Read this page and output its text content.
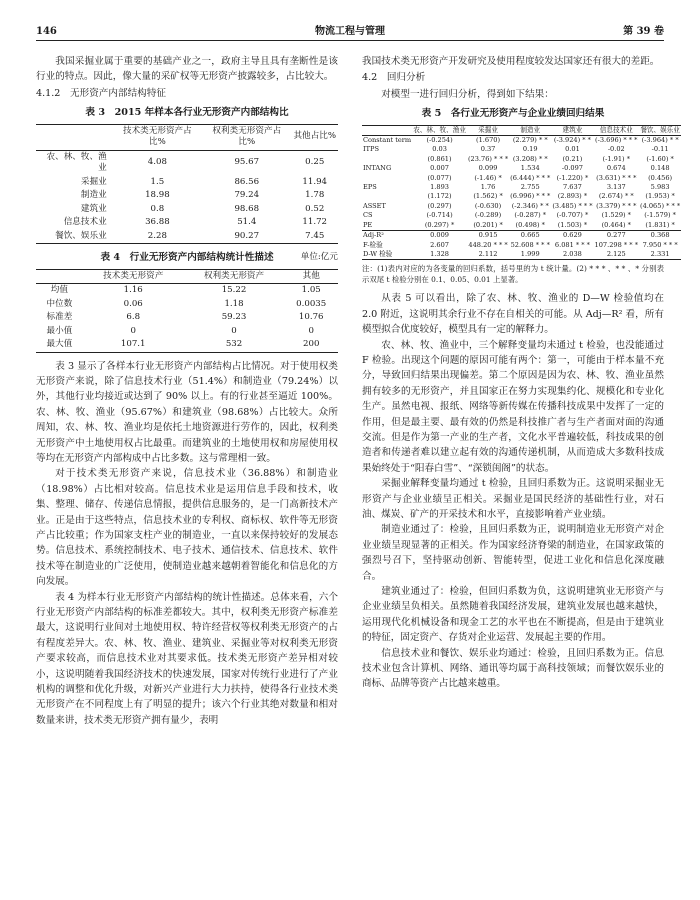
146	物流工程与管理	第 39 卷

我国采掘业属于重要的基础产业之一，政府主导且具有垄断性是该行业的特点。因此，像大量的采矿权等无形资产披露较多，占比较大。

4.1.2　无形资产内部结构特征

表 3　2015 年样本各行业无形资产内部结构比
	技术类无形资产占比%	权利类无形资产占比%	其他占比%
农、林、牧、渔业	4.08	95.67	0.25
采掘业	1.5	86.56	11.94
制造业	18.98	79.24	1.78
建筑业	0.8	98.68	0.52
信息技术业	36.88	51.4	11.72
餐饮、娱乐业	2.28	90.27	7.45
表 4　行业无形资产内部结构统计性描述	单位:亿元
	技术类无形资产	权利类无形资产	其他
均值	1.16	15.22	1.05
中位数	0.06	1.18	0.0035
标准差	6.8	59.23	10.76
最小值	0	0	0
最大值	107.1	532	200

表 3 显示了各样本行业无形资产内部结构占比情况。对于使用权类无形资产来说，除了信息技术行业（51.4%）和制造业（79.24%）以外，其他行业均接近或达到了 90% 以上。有的行业甚至逼近 100%。农、林、牧、渔业（95.67%）和建筑业（98.68%）占比较大。众所周知，农、林、牧、渔业均是依托土地资源进行劳作的，因此，权利类无形资产中土地使用权占比最重。而建筑业的土地使用权和房屋使用权等均在无形资产内部构成中占比多数。这与常理相一致。

对于技术类无形资产来说，信息技术业（36.88%）和制造业（18.98%）占比相对较高。信息技术业是运用信息手段和技术，收集、整理、储存、传递信息情报，提供信息服务的，是一门高新技术产业。正是由于这些特点，信息技术业的专利权、商标权、软件等无形资产占比较重；作为国家支柱产业的制造业，一直以来保持较好的发展态势。信息技术、系统控制技术、电子技术、通信技术、信息技术、软件技术等在制造业的广泛使用，使制造业越来越朝着智能化和信息化的方向发展。

表 4 为样本行业无形资产内部结构的统计性描述。总体来看，六个行业无形资产内部结构的标准差都较大。其中，权利类无形资产标准差最大，这说明行业间对土地使用权、特许经营权等权利类无形资产的占有程度差异大。农、林、牧、渔业、建筑业、采掘业等对权利类无形资产要求较高，而信息技术业对其要求低。技术类无形资产差异相对较小，这说明随着我国经济技术的快速发展，国家对传统行业进行了产业机构的调整和优化升级，对新兴产业进行大力扶持，使得各行业技术类无形资产在不同程度上有了明显的提升；该六个行业其绝对数量和相对数量来讲，技术类无形资产拥有量少，表明

我国技术类无形资产开发研究及使用程度较发达国家还有很大的差距。

4.2　回归分析

对模型一进行回归分析，得到如下结果：

表 5　各行业无形资产与企业业绩回归结果
	农、林、牧、渔业	采掘业	制造业	建筑业	信息技术业	餐饮、娱乐业
Constant term	(-0.254)	(1.670)	(2.279) * *	(-3.924) * *	(-3.696) * * *	(-3.964) * *
ITPS	0.03	0.37	0.19	0.01	-0.02	-0.11
	(0.861)	(23.76) * * *	(3.208) * *	(0.21)	(-1.91) *	(-1.60) *
INTANG	0.007	0.099	1.534	-0.097	0.674	0.148
	(0.077)	(-1.46) *	(6.444) * * *	(-1.220) *	(3.631) * * *	(0.456)
EPS	1.893	1.76	2.755	7.637	3.137	5.983
	(1.172)	(1.562) *	(6.996) * * *	(2.893) *	(2.674) * *	(1.953) *
ASSET	(0.297)	(-0.630)	(-2.346) * *	(3.485) * * *	(3.379) * * *	(4.065) * * *
CS	(-0.714)	(-0.289)	(-0.287) *	(-0.707) *	(1.529) *	(-1.579) *
PE	(0.297) *	(0.201) *	(0.498) *	(1.503) *	(0.464) *	(1.831) *
Adj-R²	0.009	0.915	0.665	0.629	0.277	0.368
F-检验	2.607	448.20 * * *	52.608 * * *	6.081 * * *	107.298 * * *	7.950 * * *
D-W 检验	1.328	2.112	1.999	2.038	2.125	2.331
注：(1)表内对应的为各变量的回归系数，括号里的为 t 统计量。(2) * * * 、* * 、* 分别表示双尾 t 检验分别在 0.1、0.05、0.01 上显著。

从表 5 可以看出，除了农、林、牧、渔业的 D—W 检验值均在 2.0 附近，这说明其余行业不存在自相关的可能。从 Adj—R² 看，所有模型拟合优度较好，模型具有一定的解释力。

农、林、牧、渔业中，三个解释变量均未通过 t 检验，也没能通过 F 检验。出现这个问题的原因可能有两个：第一，可能由于样本量不充分，导致回归结果出现偏差。第二个原因是因为农、林、牧、渔业虽然拥有较多的无形资产，并且国家正在努力实现集约化、规模化和专业化生产。虽然电视、报纸、网络等新传媒在传播科技成果中发挥了一定的作用，但是最主要、最有效的仍然是科技推广者与生产者面对面的沟通交流。但是作为第一产业的生产者，文化水平普遍较低，科技成果的创造者和传递者难以建立起有效的沟通传递机制，从而造成大多数科技成果始终处于“阳春白雪”、“深锁闺阁”的状态。

采掘业解释变量均通过 t 检验，且回归系数为正。这说明采掘业无形资产与企业业绩呈正相关。采掘业是国民经济的基础性行业，对石油、煤炭、矿产的开采技术和水平，直接影响着产业业绩。

制造业通过了：检验，且回归系数为正，说明制造业无形资产对企业业绩呈现显著的正相关。作为国家经济脊梁的制造业，在国家政策的强烈号召下，坚持驱动创新、智能转型，促进工业化和信息化深度融合。

建筑业通过了：检验，但回归系数为负，这说明建筑业无形资产与企业业绩呈负相关。虽然随着我国经济发展，建筑业发展也越来越快，运用现代化机械设备和现金工艺的水平也在不断提高，但是由于建筑业的特征，固定资产、存货对企业运营、发展起主要的作用。

信息技术业和餐饮、娱乐业均通过：检验，且回归系数为正。信息技术业包含计算机、网络、通讯等均属于高科技领域；而餐饮娱乐业的商标、品牌等资产占比越来越重。
